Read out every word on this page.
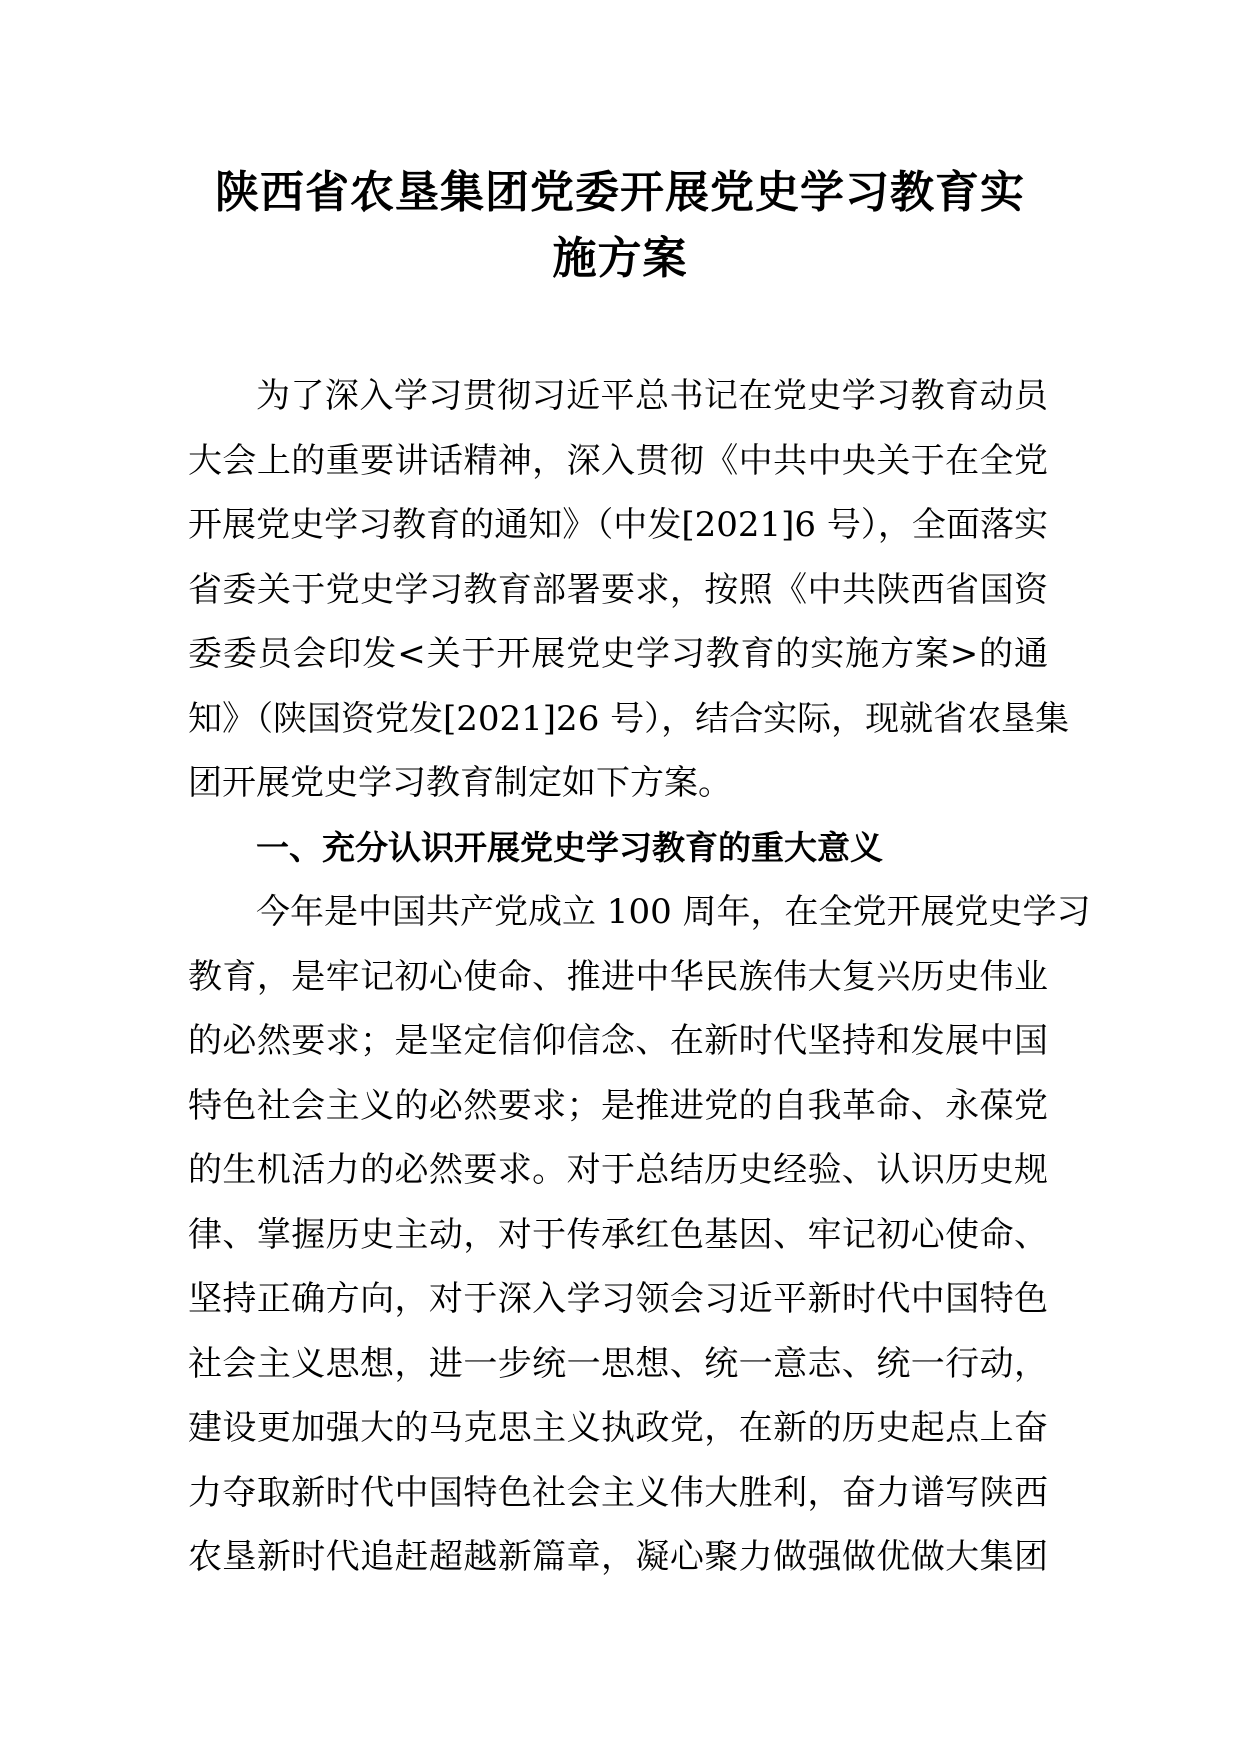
陕西省农垦集团党委开展党史学习教育实
施方案
为了深入学习贯彻习近平总书记在党史学习教育动员
大会上的重要讲话精神，深入贯彻《中共中央关于在全党
开展党史学习教育的通知》（中发[2021]6 号），全面落实
省委关于党史学习教育部署要求，按照《中共陕西省国资
委委员会印发<关于开展党史学习教育的实施方案>的通
知》（陕国资党发[2021]26 号），结合实际，现就省农垦集
团开展党史学习教育制定如下方案。
一、充分认识开展党史学习教育的重大意义
今年是中国共产党成立 100 周年，在全党开展党史学习
教育，是牢记初心使命、推进中华民族伟大复兴历史伟业
的必然要求；是坚定信仰信念、在新时代坚持和发展中国
特色社会主义的必然要求；是推进党的自我革命、永葆党
的生机活力的必然要求。对于总结历史经验、认识历史规
律、掌握历史主动，对于传承红色基因、牢记初心使命、
坚持正确方向，对于深入学习领会习近平新时代中国特色
社会主义思想，进一步统一思想、统一意志、统一行动，
建设更加强大的马克思主义执政党，在新的历史起点上奋
力夺取新时代中国特色社会主义伟大胜利，奋力谱写陕西
农垦新时代追赶超越新篇章，凝心聚力做强做优做大集团
